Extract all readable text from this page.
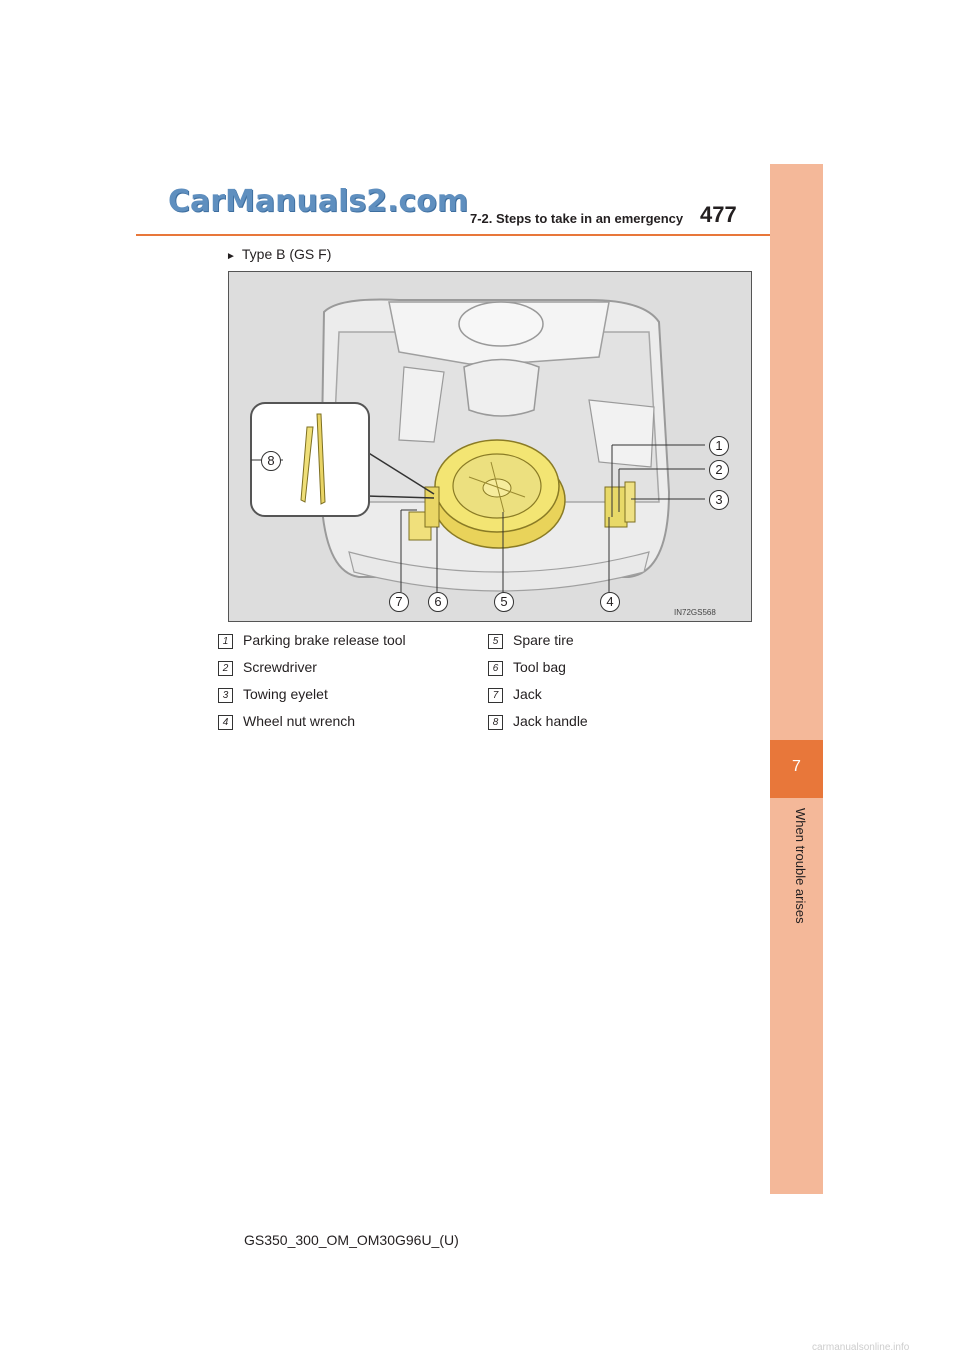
CarManuals2.com 7-2. Steps to take in an emergency 477
7
When trouble arises
► Type B (GS F)
1
2
3
4
5
6
7
8
IN72GS568
1 Parking brake release tool
2 Screwdriver
3 Towing eyelet
4 Wheel nut wrench
5 Spare tire
6 Tool bag
7 Jack
8 Jack handle
GS350_300_OM_OM30G96U_(U)
carmanualsonline.info
